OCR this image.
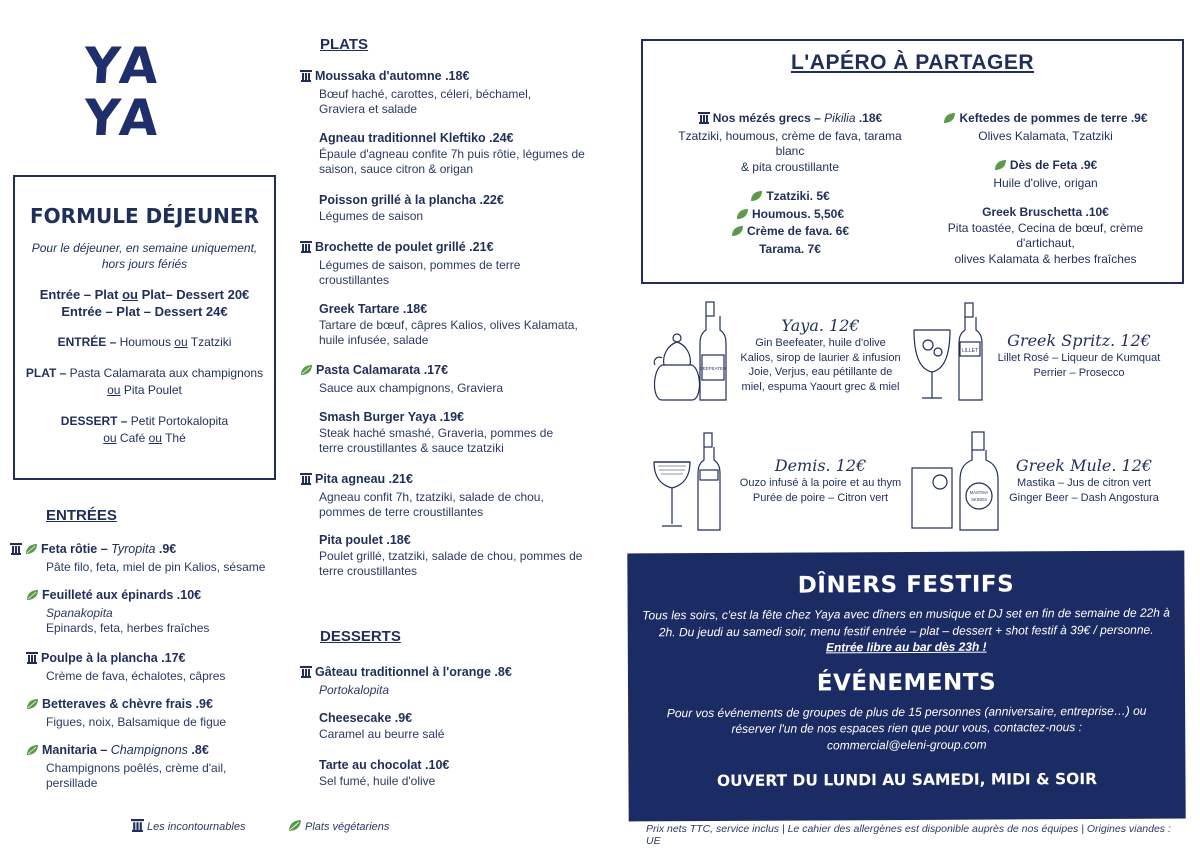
YA
YA
FORMULE DÉJEUNER
Pour le déjeuner, en semaine uniquement, hors jours fériés
Entrée – Plat ou Plat– Dessert 20€
Entrée – Plat – Dessert 24€
ENTRÉE – Houmous ou Tzatziki
PLAT – Pasta Calamarata aux champignons
ou Pita Poulet
DESSERT – Petit Portokalopita
ou Café ou Thé
ENTRÉES
Feta rôtie – Tyropita .9€
Pâte filo, feta, miel de pin Kalios, sésame
Feuilleté aux épinards .10€
Spanakopita
Epinards, feta, herbes fraîches
Poulpe à la plancha .17€
Crème de fava, échalotes, câpres
Betteraves & chèvre frais .9€
Figues, noix, Balsamique de figue
Manitaria – Champignons .8€
Champignons poêlés, crème d'ail, persillade
PLATS
Moussaka d'automne .18€
Bœuf haché, carottes, céleri, béchamel, Graviera et salade
Agneau traditionnel Kleftiko .24€
Épaule d'agneau confite 7h puis rôtie, légumes de saison, sauce citron & origan
Poisson grillé à la plancha .22€
Légumes de saison
Brochette de poulet grillé .21€
Légumes de saison, pommes de terre croustillantes
Greek Tartare .18€
Tartare de bœuf, câpres Kalios, olives Kalamata, huile infusée, salade
Pasta Calamarata .17€
Sauce aux champignons, Graviera
Smash Burger Yaya .19€
Steak haché smashé, Graveria, pommes de terre croustillantes & sauce tzatziki
Pita agneau .21€
Agneau confit 7h, tzatziki, salade de chou, pommes de terre croustillantes
Pita poulet .18€
Poulet grillé, tzatziki, salade de chou, pommes de terre croustillantes
DESSERTS
Gâteau traditionnel à l'orange .8€
Portokalopita
Cheesecake .9€
Caramel au beurre salé
Tarte au chocolat .10€
Sel fumé, huile d'olive
Les incontournables	Plats végétariens
L'APÉRO À PARTAGER
Nos mézés grecs – Pikilia .18€
Tzatziki, houmous, crème de fava, tarama blanc
& pita croustillante
Tzatziki. 5€
Houmous. 5,50€
Crème de fava. 6€
Tarama. 7€
Keftedes de pommes de terre .9€
Olives Kalamata, Tzatziki
Dès de Feta .9€
Huile d'olive, origan
Greek Bruschetta .10€
Pita toastée, Cecina de bœuf, crème d'artichaut,
olives Kalamata & herbes fraîches
BEEFEATER
LILLET
MASTIHA
SKINOS
Yaya. 12€
Gin Beefeater, huile d'olive
Kalios, sirop de laurier & infusion
Joie, Verjus, eau pétillante de
miel, espuma Yaourt grec & miel
Greek Spritz. 12€
Lillet Rosé – Liqueur de Kumquat
Perrier – Prosecco
Demis. 12€
Ouzo infusé à la poire et au thym
Purée de poire – Citron vert
Greek Mule. 12€
Mastika – Jus de citron vert
Ginger Beer – Dash Angostura
DÎNERS FESTIFS

Tous les soirs, c'est la fête chez Yaya avec dîners en musique et DJ set en fin de semaine de 22h à 2h. Du jeudi au samedi soir, menu festif entrée – plat – dessert + shot festif à 39€ / personne. Entrée libre au bar dès 23h !

ÉVÉNEMENTS

Pour vos événements de groupes de plus de 15 personnes (anniversaire, entreprise…) ou réserver l'un de nos espaces rien que pour vous, contactez-nous :

commercial@eleni-group.com

OUVERT DU LUNDI AU SAMEDI, MIDI & SOIR
Prix nets TTC, service inclus | Le cahier des allergènes est disponible auprès de nos équipes | Origines viandes : UE
